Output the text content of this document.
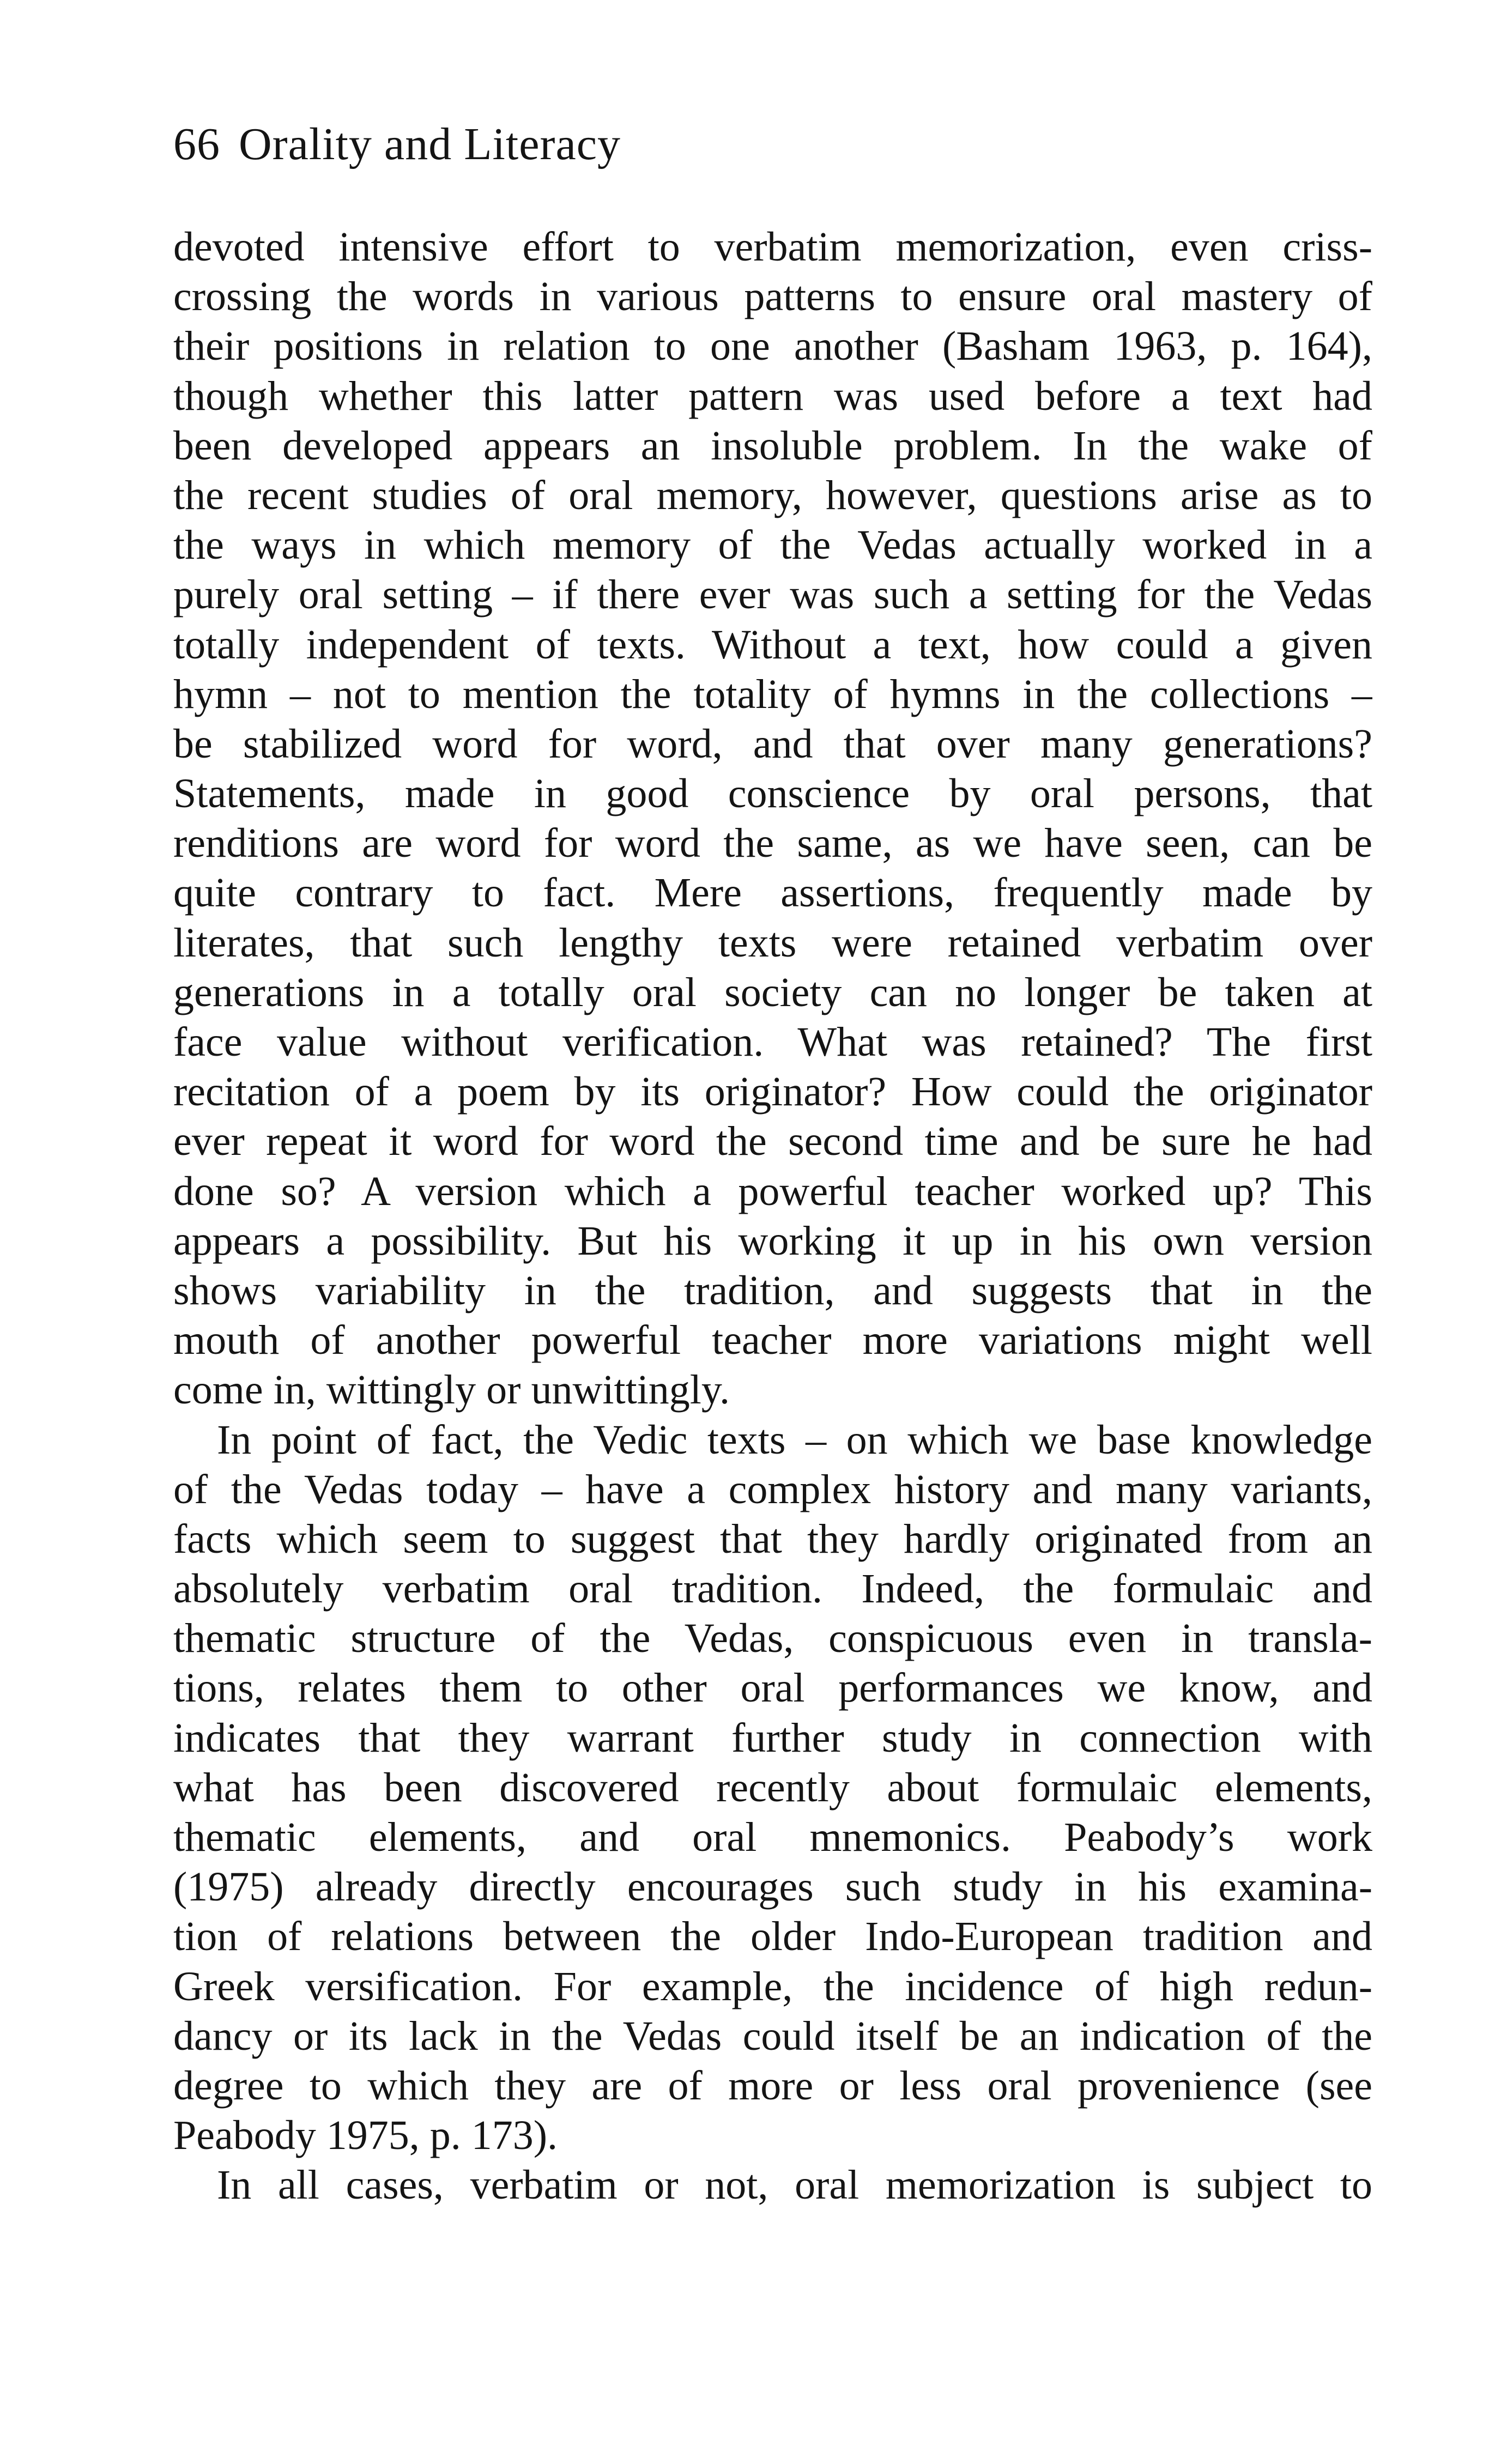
66 Orality and Literacy
devoted intensive effort to verbatim memorization, even criss-
crossing the words in various patterns to ensure oral mastery of
their positions in relation to one another (Basham 1963, p. 164),
though whether this latter pattern was used before a text had
been developed appears an insoluble problem. In the wake of
the recent studies of oral memory, however, questions arise as to
the ways in which memory of the Vedas actually worked in a
purely oral setting – if there ever was such a setting for the Vedas
totally independent of texts. Without a text, how could a given
hymn – not to mention the totality of hymns in the collections –
be stabilized word for word, and that over many generations?
Statements, made in good conscience by oral persons, that
renditions are word for word the same, as we have seen, can be
quite contrary to fact. Mere assertions, frequently made by
literates, that such lengthy texts were retained verbatim over
generations in a totally oral society can no longer be taken at
face value without verification. What was retained? The first
recitation of a poem by its originator? How could the originator
ever repeat it word for word the second time and be sure he had
done so? A version which a powerful teacher worked up? This
appears a possibility. But his working it up in his own version
shows variability in the tradition, and suggests that in the
mouth of another powerful teacher more variations might well
come in, wittingly or unwittingly.
In point of fact, the Vedic texts – on which we base knowledge
of the Vedas today – have a complex history and many variants,
facts which seem to suggest that they hardly originated from an
absolutely verbatim oral tradition. Indeed, the formulaic and
thematic structure of the Vedas, conspicuous even in transla-
tions, relates them to other oral performances we know, and
indicates that they warrant further study in connection with
what has been discovered recently about formulaic elements,
thematic elements, and oral mnemonics. Peabody’s work
(1975) already directly encourages such study in his examina-
tion of relations between the older Indo-European tradition and
Greek versification. For example, the incidence of high redun-
dancy or its lack in the Vedas could itself be an indication of the
degree to which they are of more or less oral provenience (see
Peabody 1975, p. 173).
In all cases, verbatim or not, oral memorization is subject to
